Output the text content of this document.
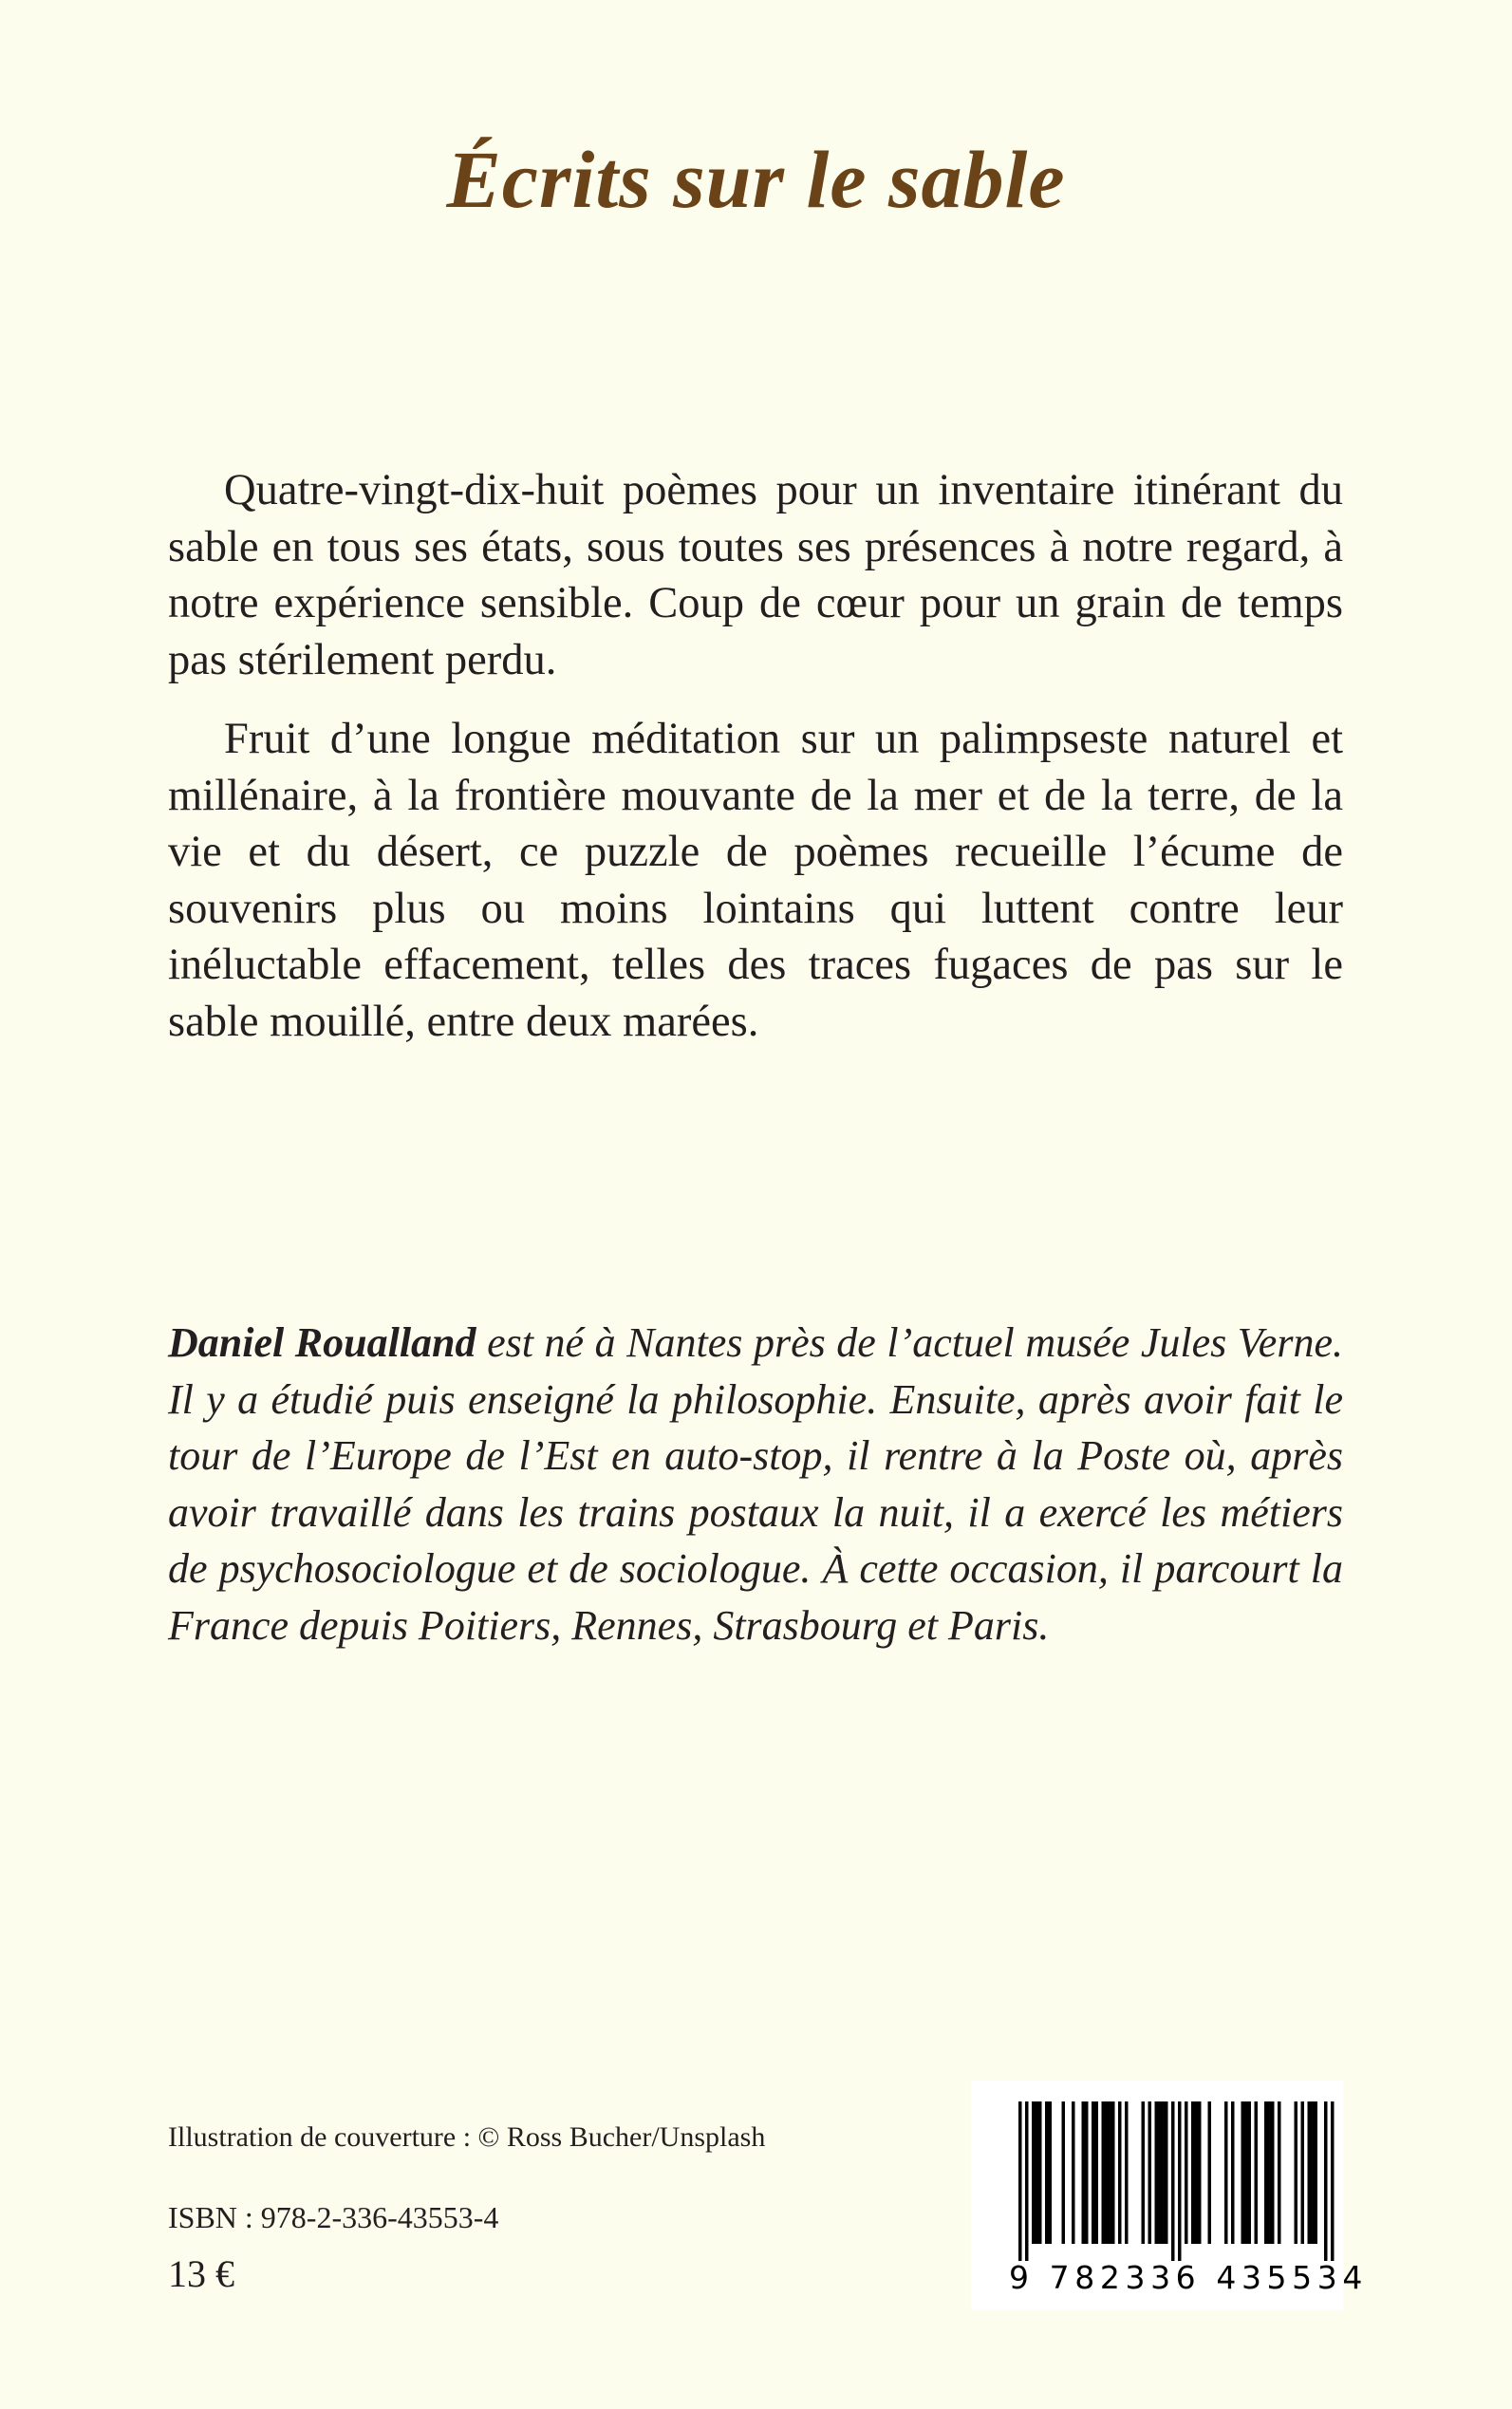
Écrits sur le sable

Quatre-vingt-dix-huit poèmes pour un inventaire itinérant du sable en tous ses états, sous toutes ses présences à notre regard, à notre expérience sensible. Coup de cœur pour un grain de temps pas stérilement perdu.

Fruit d’une longue méditation sur un palimpseste naturel et millénaire, à la frontière mouvante de la mer et de la terre, de la vie et du désert, ce puzzle de poèmes recueille l’écume de souvenirs plus ou moins lointains qui luttent contre leur inéluctable effacement, telles des traces fugaces de pas sur le sable mouillé, entre deux marées.

Daniel Roualland est né à Nantes près de l’actuel musée Jules Verne. Il y a étudié puis enseigné la philosophie. Ensuite, après avoir fait le tour de l’Europe de l’Est en auto-stop, il rentre à la Poste où, après avoir travaillé dans les trains postaux la nuit, il a exercé les métiers de psychosociologue et de sociologue. À cette occasion, il parcourt la France depuis Poitiers, Rennes, Strasbourg et Paris.

Illustration de couverture : © Ross Bucher/Unsplash

ISBN : 978-2-336-43553-4

13 €	9 782336 435534
